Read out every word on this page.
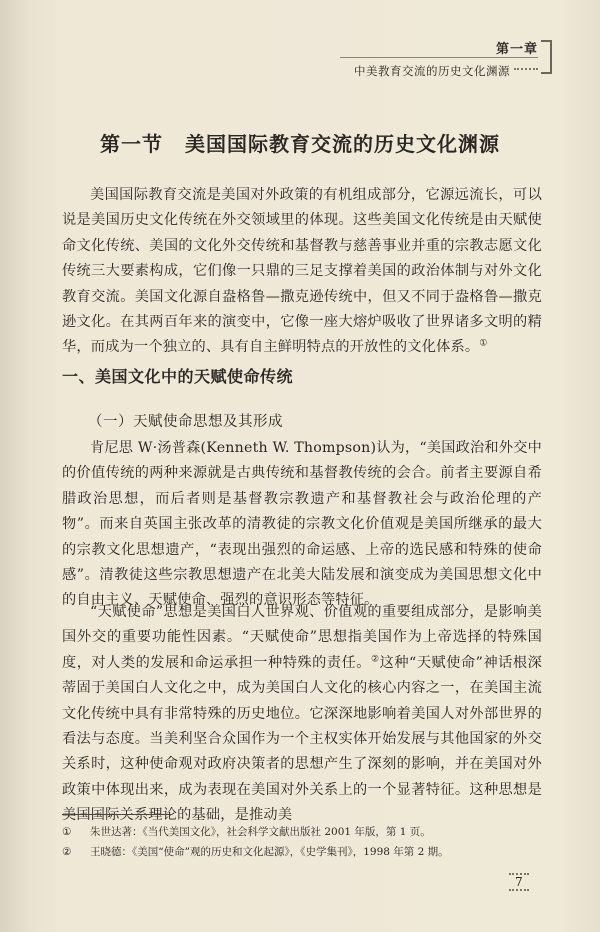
第一章
中美教育交流的历史文化渊源
第一节 美国国际教育交流的历史文化渊源
美国国际教育交流是美国对外政策的有机组成部分，它源远流长，可以说是美国历史文化传统在外交领域里的体现。这些美国文化传统是由天赋使命文化传统、美国的文化外交传统和基督教与慈善事业并重的宗教志愿文化传统三大要素构成，它们像一只鼎的三足支撑着美国的政治体制与对外文化教育交流。美国文化源自盎格鲁—撒克逊传统中，但又不同于盎格鲁—撒克逊文化。在其两百年来的演变中，它像一座大熔炉吸收了世界诸多文明的精华，而成为一个独立的、具有自主鲜明特点的开放性的文化体系。①
一、美国文化中的天赋使命传统
（一）天赋使命思想及其形成
肯尼思 W·汤普森(Kenneth W. Thompson)认为，“美国政治和外交中的价值传统的两种来源就是古典传统和基督教传统的会合。前者主要源自希腊政治思想，而后者则是基督教宗教遗产和基督教社会与政治伦理的产物”。而来自英国主张改革的清教徒的宗教文化价值观是美国所继承的最大的宗教文化思想遗产，“表现出强烈的命运感、上帝的选民感和特殊的使命感”。清教徒这些宗教思想遗产在北美大陆发展和演变成为美国思想文化中的自由主义、天赋使命、强烈的意识形态等特征。
“天赋使命”思想是美国白人世界观、价值观的重要组成部分，是影响美国外交的重要功能性因素。“天赋使命”思想指美国作为上帝选择的特殊国度，对人类的发展和命运承担一种特殊的责任。②这种“天赋使命”神话根深蒂固于美国白人文化之中，成为美国白人文化的核心内容之一，在美国主流文化传统中具有非常特殊的历史地位。它深深地影响着美国人对外部世界的看法与态度。当美利坚合众国作为一个主权实体开始发展与其他国家的外交关系时，这种使命观对政府决策者的思想产生了深刻的影响，并在美国对外政策中体现出来，成为表现在美国对外关系上的一个显著特征。这种思想是美国国际关系理论的基础，是推动美
① 朱世达著：《当代美国文化》，社会科学文献出版社 2001 年版，第 1 页。
② 王晓德：《美国“使命”观的历史和文化起源》，《史学集刊》，1998 年第 2 期。
7
